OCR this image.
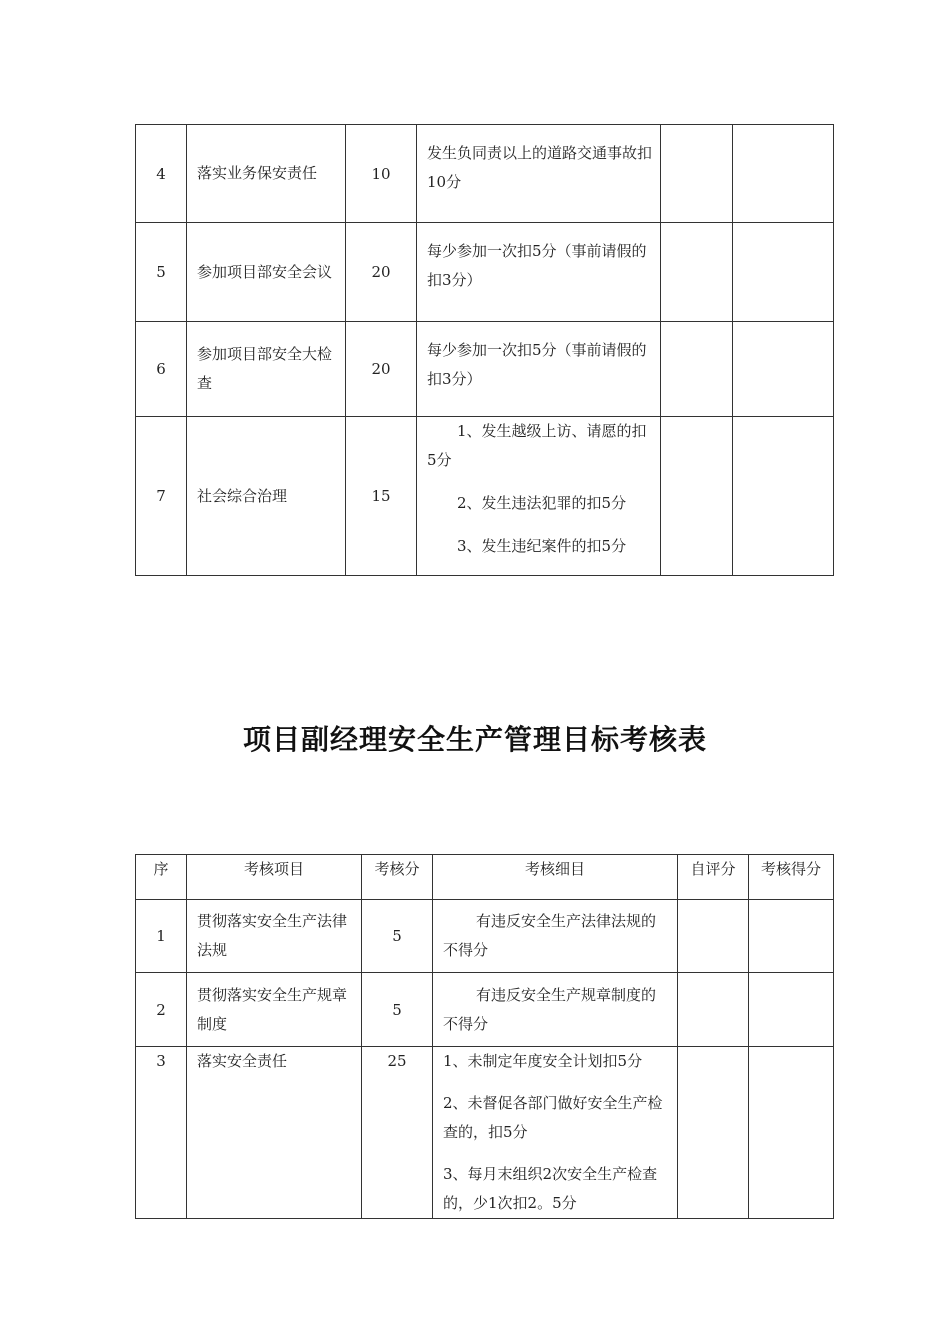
4	落实业务保安责任	10	发生负同责以上的道路交通事故扣10分		

5	参加项目部安全会议	20	每少参加一次扣5分（事前请假的扣3分）		

6	参加项目部安全大检查	20	每少参加一次扣5分（事前请假的扣3分）		

7	社会综合治理	15	1、发生越级上访、请愿的扣5分

2、发生违法犯罪的扣5分

3、发生违纪案件的扣5分		

项目副经理安全生产管理目标考核表
序	考核项目	考核分	考核细目	自评分	考核得分

1	贯彻落实安全生产法律法规	5	有违反安全生产法律法规的不得分		

2	贯彻落实安全生产规章制度	5	有违反安全生产规章制度的不得分		

3	落实安全责任	25	1、未制定年度安全计划扣5分

2、未督促各部门做好安全生产检查的，扣5分

3、每月末组织2次安全生产检查的，少1次扣2。5分		
